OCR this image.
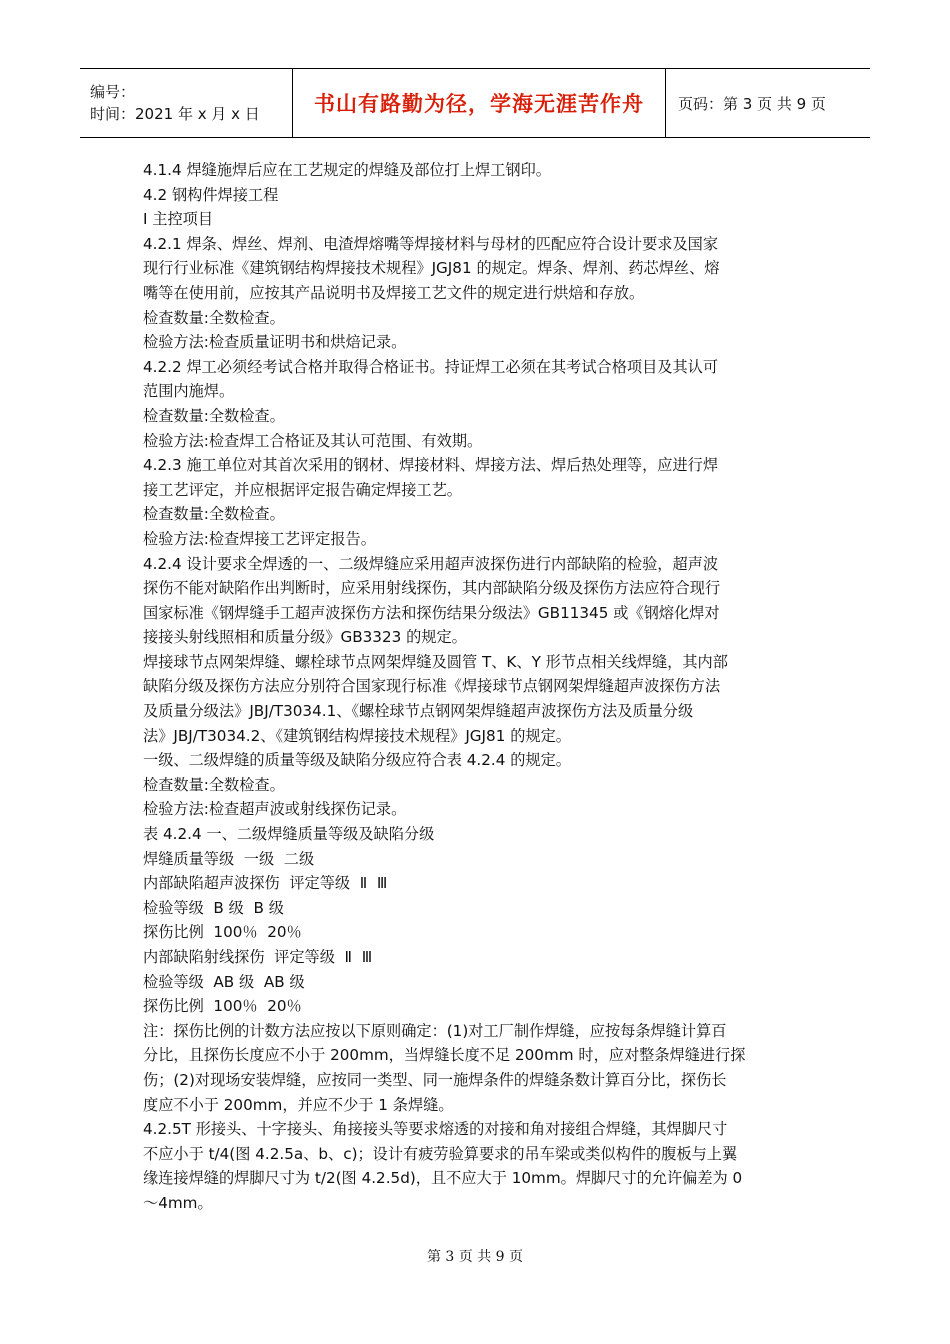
编号：
时间：2021 年 x 月 x 日	书山有路勤为径，学海无涯苦作舟 页码：第 3 页 共 9 页

4.1.4 焊缝施焊后应在工艺规定的焊缝及部位打上焊工钢印。

4.2 钢构件焊接工程

I 主控项目

4.2.1 焊条、焊丝、焊剂、电渣焊熔嘴等焊接材料与母材的匹配应符合设计要求及国家

现行行业标准《建筑钢结构焊接技术规程》JGJ81 的规定。焊条、焊剂、药芯焊丝、熔

嘴等在使用前，应按其产品说明书及焊接工艺文件的规定进行烘焙和存放。

检查数量:全数检查。

检验方法:检查质量证明书和烘焙记录。

4.2.2 焊工必须经考试合格并取得合格证书。持证焊工必须在其考试合格项目及其认可

范围内施焊。

检查数量:全数检查。

检验方法:检查焊工合格证及其认可范围、有效期。

4.2.3 施工单位对其首次采用的钢材、焊接材料、焊接方法、焊后热处理等，应进行焊

接工艺评定，并应根据评定报告确定焊接工艺。

检查数量:全数检查。

检验方法:检查焊接工艺评定报告。

4.2.4 设计要求全焊透的一、二级焊缝应采用超声波探伤进行内部缺陷的检验，超声波

探伤不能对缺陷作出判断时，应采用射线探伤，其内部缺陷分级及探伤方法应符合现行

国家标准《钢焊缝手工超声波探伤方法和探伤结果分级法》GB11345 或《钢熔化焊对

接接头射线照相和质量分级》GB3323 的规定。

焊接球节点网架焊缝、螺栓球节点网架焊缝及圆管 T、K、Y 形节点相关线焊缝，其内部

缺陷分级及探伤方法应分别符合国家现行标准《焊接球节点钢网架焊缝超声波探伤方法

及质量分级法》JBJ/T3034.1、《螺栓球节点钢网架焊缝超声波探伤方法及质量分级

法》JBJ/T3034.2、《建筑钢结构焊接技术规程》JGJ81 的规定。

一级、二级焊缝的质量等级及缺陷分级应符合表 4.2.4 的规定。

检查数量:全数检查。

检验方法:检查超声波或射线探伤记录。

表 4.2.4 一、二级焊缝质量等级及缺陷分级

焊缝质量等级  一级  二级

内部缺陷超声波探伤  评定等级  Ⅱ  Ⅲ

检验等级  B 级  B 级

探伤比例  100％  20％

内部缺陷射线探伤  评定等级  Ⅱ  Ⅲ

检验等级  AB 级  AB 级

探伤比例  100％  20％

注：探伤比例的计数方法应按以下原则确定：(1)对工厂制作焊缝，应按每条焊缝计算百

分比，且探伤长度应不小于 200mm，当焊缝长度不足 200mm 时，应对整条焊缝进行探

伤；(2)对现场安装焊缝，应按同一类型、同一施焊条件的焊缝条数计算百分比，探伤长

度应不小于 200mm，并应不少于 1 条焊缝。

4.2.5T 形接头、十字接头、角接接头等要求熔透的对接和角对接组合焊缝，其焊脚尺寸

不应小于 t/4(图 4.2.5a、b、c)；设计有疲劳验算要求的吊车梁或类似构件的腹板与上翼

缘连接焊缝的焊脚尺寸为 t/2(图 4.2.5d)，且不应大于 10mm。焊脚尺寸的允许偏差为 0

～4mm。

第 3 页 共 9 页
